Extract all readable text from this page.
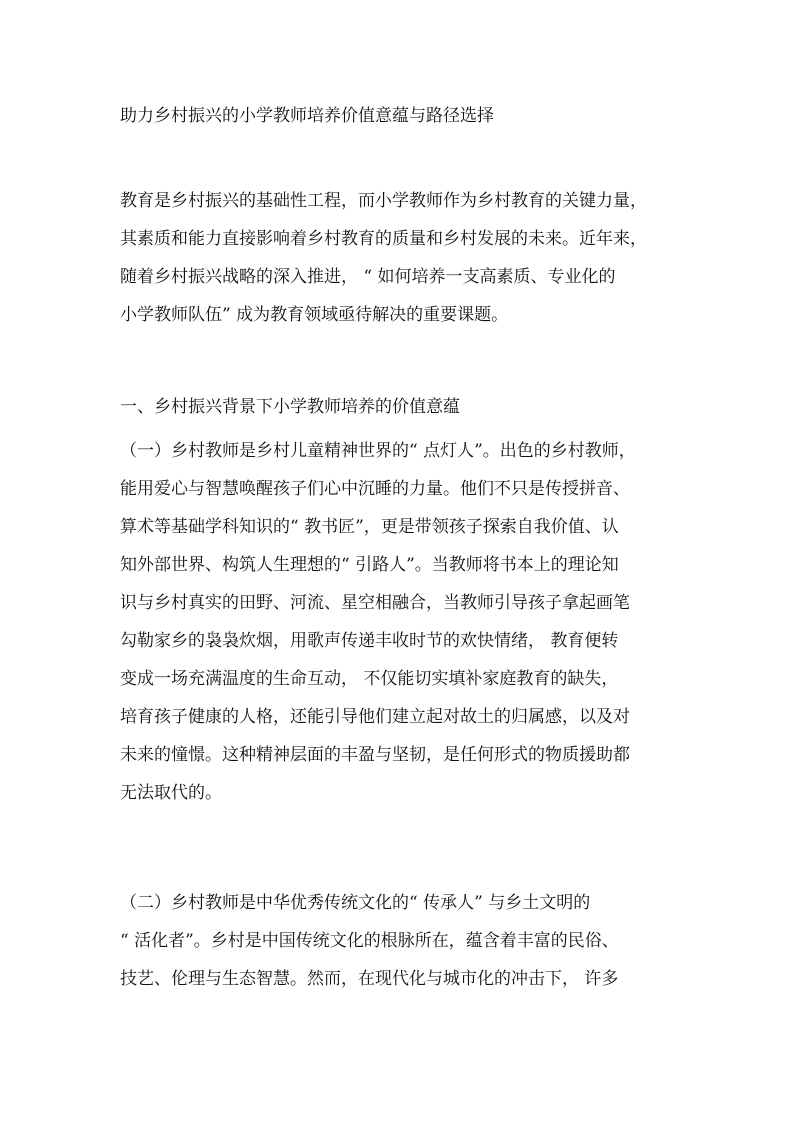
助力乡村振兴的小学教师培养价值意蕴与路径选择
教育是乡村振兴的基础性工程，而小学教师作为乡村教育的关键力量，
其素质和能力直接影响着乡村教育的质量和乡村发展的未来。近年来，
随着乡村振兴战略的深入推进， “ 如何培养一支高素质、专业化的
小学教师队伍” 成为教育领域亟待解决的重要课题。
一、乡村振兴背景下小学教师培养的价值意蕴
（一）乡村教师是乡村儿童精神世界的“ 点灯人”。出色的乡村教师，
能用爱心与智慧唤醒孩子们心中沉睡的力量。他们不只是传授拼音、
算术等基础学科知识的“ 教书匠”，更是带领孩子探索自我价值、认
知外部世界、构筑人生理想的“ 引路人”。当教师将书本上的理论知
识与乡村真实的田野、河流、星空相融合，当教师引导孩子拿起画笔
勾勒家乡的袅袅炊烟，用歌声传递丰收时节的欢快情绪， 教育便转
变成一场充满温度的生命互动， 不仅能切实填补家庭教育的缺失，
培育孩子健康的人格，还能引导他们建立起对故土的归属感，以及对
未来的憧憬。这种精神层面的丰盈与坚韧，是任何形式的物质援助都
无法取代的。
（二）乡村教师是中华优秀传统文化的“ 传承人” 与乡土文明的
“ 活化者”。乡村是中国传统文化的根脉所在，蕴含着丰富的民俗、
技艺、伦理与生态智慧。然而，在现代化与城市化的冲击下， 许多
